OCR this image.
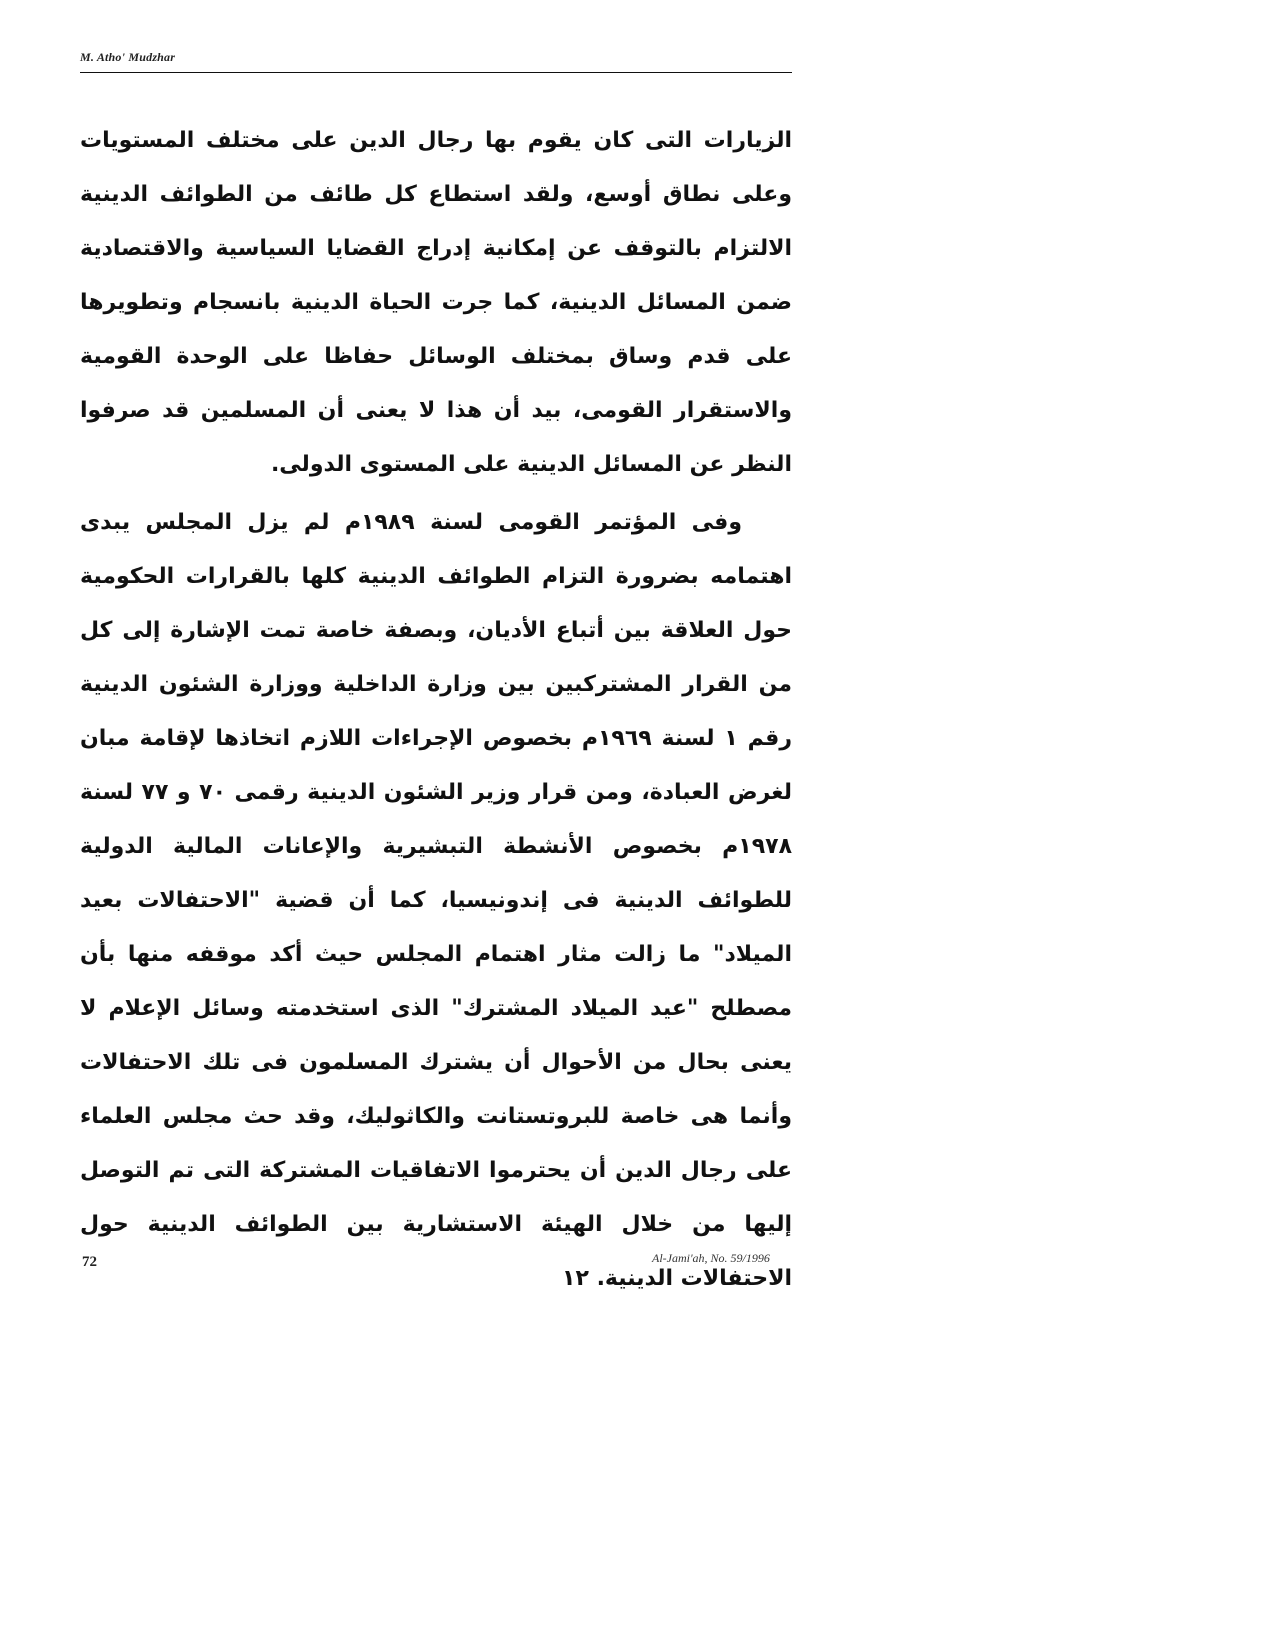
M. Atho' Mudzhar

الزيارات التى كان يقوم بها رجال الدين على مختلف المستويات وعلى نطاق أوسع، ولقد استطاع كل طائف من الطوائف الدينية الالتزام بالتوقف عن إمكانية إدراج القضايا السياسية والاقتصادية ضمن المسائل الدينية، كما جرت الحياة الدينية بانسجام وتطويرها على قدم وساق بمختلف الوسائل حفاظا على الوحدة القومية والاستقرار القومى، بيد أن هذا لا يعنى أن المسلمين قد صرفوا النظر عن المسائل الدينية على المستوى الدولى.

وفى المؤتمر القومى لسنة ١٩٨٩م لم يزل المجلس يبدى اهتمامه بضرورة التزام الطوائف الدينية كلها بالقرارات الحكومية حول العلاقة بين أتباع الأديان، وبصفة خاصة تمت الإشارة إلى كل من القرار المشتركبين بين وزارة الداخلية ووزارة الشئون الدينية رقم ١ لسنة ١٩٦٩م بخصوص الإجراءات اللازم اتخاذها لإقامة مبان لغرض العبادة، ومن قرار وزير الشئون الدينية رقمى ٧٠ و ٧٧ لسنة ١٩٧٨م بخصوص الأنشطة التبشيرية والإعانات المالية الدولية للطوائف الدينية فى إندونيسيا، كما أن قضية "الاحتفالات بعيد الميلاد" ما زالت مثار اهتمام المجلس حيث أكد موقفه منها بأن مصطلح "عيد الميلاد المشترك" الذى استخدمته وسائل الإعلام لا يعنى بحال من الأحوال أن يشترك المسلمون فى تلك الاحتفالات وأنما هى خاصة للبروتستانت والكاثوليك، وقد حث مجلس العلماء على رجال الدين أن يحترموا الاتفاقيات المشتركة التى تم التوصل إليها من خلال الهيئة الاستشارية بين الطوائف الدينية حول الاحتفالات الدينية. ١٢

72	Al-Jami'ah, No. 59/1996
